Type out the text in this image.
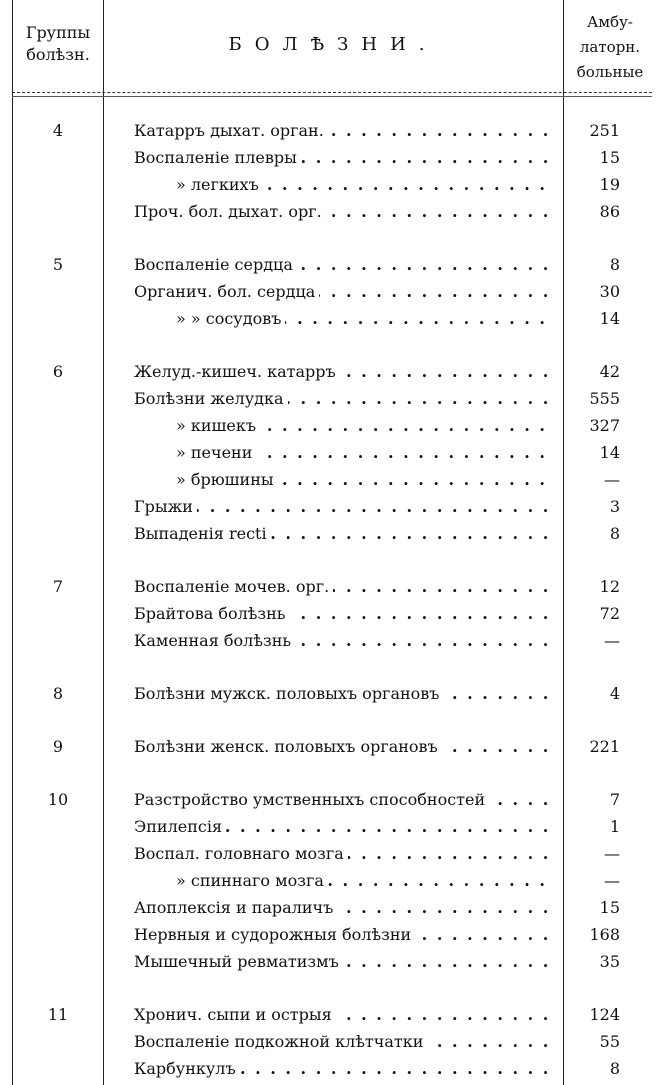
Группы болѣзн.	БОЛѢЗНИ.
Амбу-латорн. больные
4	Катарръ дыхат. орган. . . .	251
Воспаленіе плевры . . .	15
» легкихъ . . .	19
Проч. бол. дыхат. орг. . . .	86
5	Воспаленіе сердца . . .	8
Органич. бол. сердца . . .	30
» » сосудовъ . . .	14
6	Желуд.-кишеч. катарръ . . .	42
Болѣзни желудка . . .	555
» кишекъ . . .	327
» печени . . .	14
» брюшины . . .	—
Грыжи . . .	3
Выпаденія recti . . .	8
7	Воспаленіе мочев. орг. . . .	12
Брайтова болѣзнь . . .	72
Каменная болѣзнь . . .	—
8	Болѣзни мужск. половыхъ органовъ . . .	4
9	Болѣзни женск. половыхъ органовъ . . .	221
10	Разстройство умственныхъ способностей . . .	7
Эпилепсія . . .	1
Воспал. головнаго мозга . . .	—
» спиннаго мозга . . .	—
Апоплексія и параличъ . . .	15
Нервныя и судорожныя болѣзни . . .	168
Мышечный ревматизмъ . . .	35
11	Хронич. сыпи и острыя . . .	124
Воспаленіе подкожной клѣтчатки . . .	55
Карбункулъ . . .	8
